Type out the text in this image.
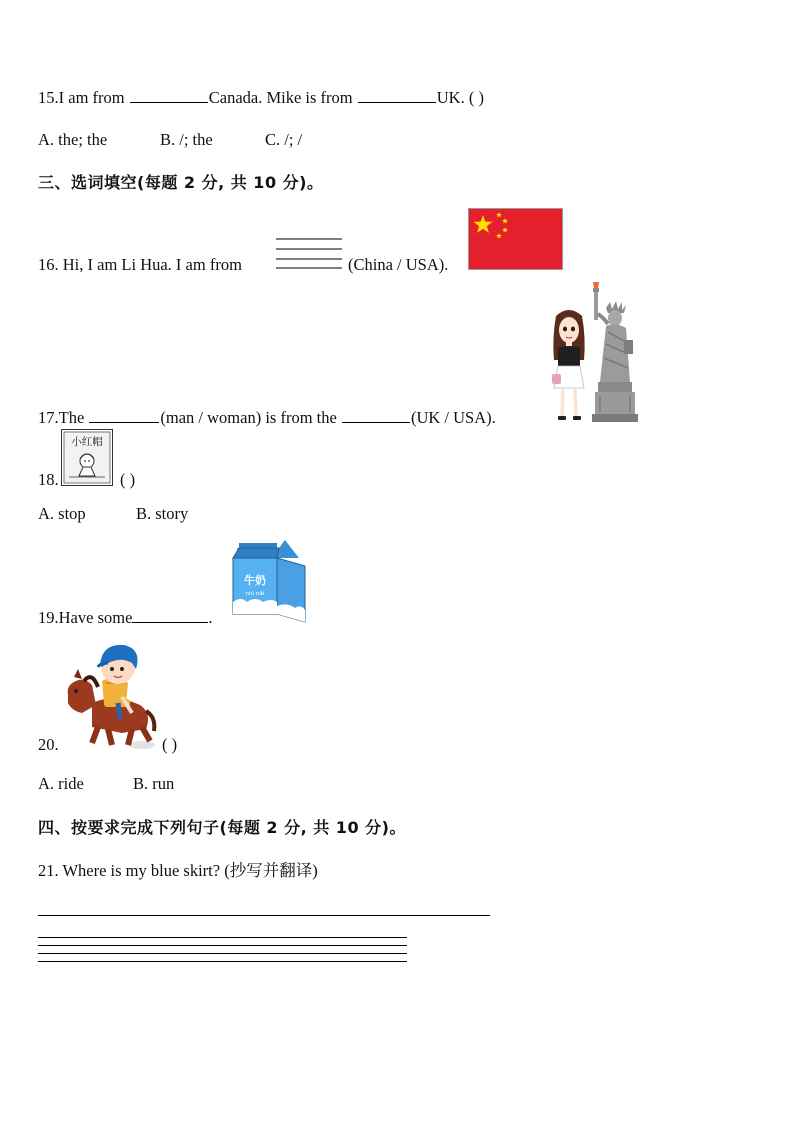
15.I am from	Canada. Mike is from	UK. ( )
A. the; the	B. /; the	C. /; /
三、选词填空(每题 2 分, 共 10 分)。
16. Hi, I am Li Hua. I am from	(China / USA).
17.The	(man / woman) is from the	(UK / USA).
18.
小红帽
( )
A. stop	B. story
牛奶
niú nǎi
19.Have some	.
20.	( )
A. ride	B. run
四、按要求完成下列句子(每题 2 分, 共 10 分)。
21. Where is my blue skirt? (抄写并翻译)
